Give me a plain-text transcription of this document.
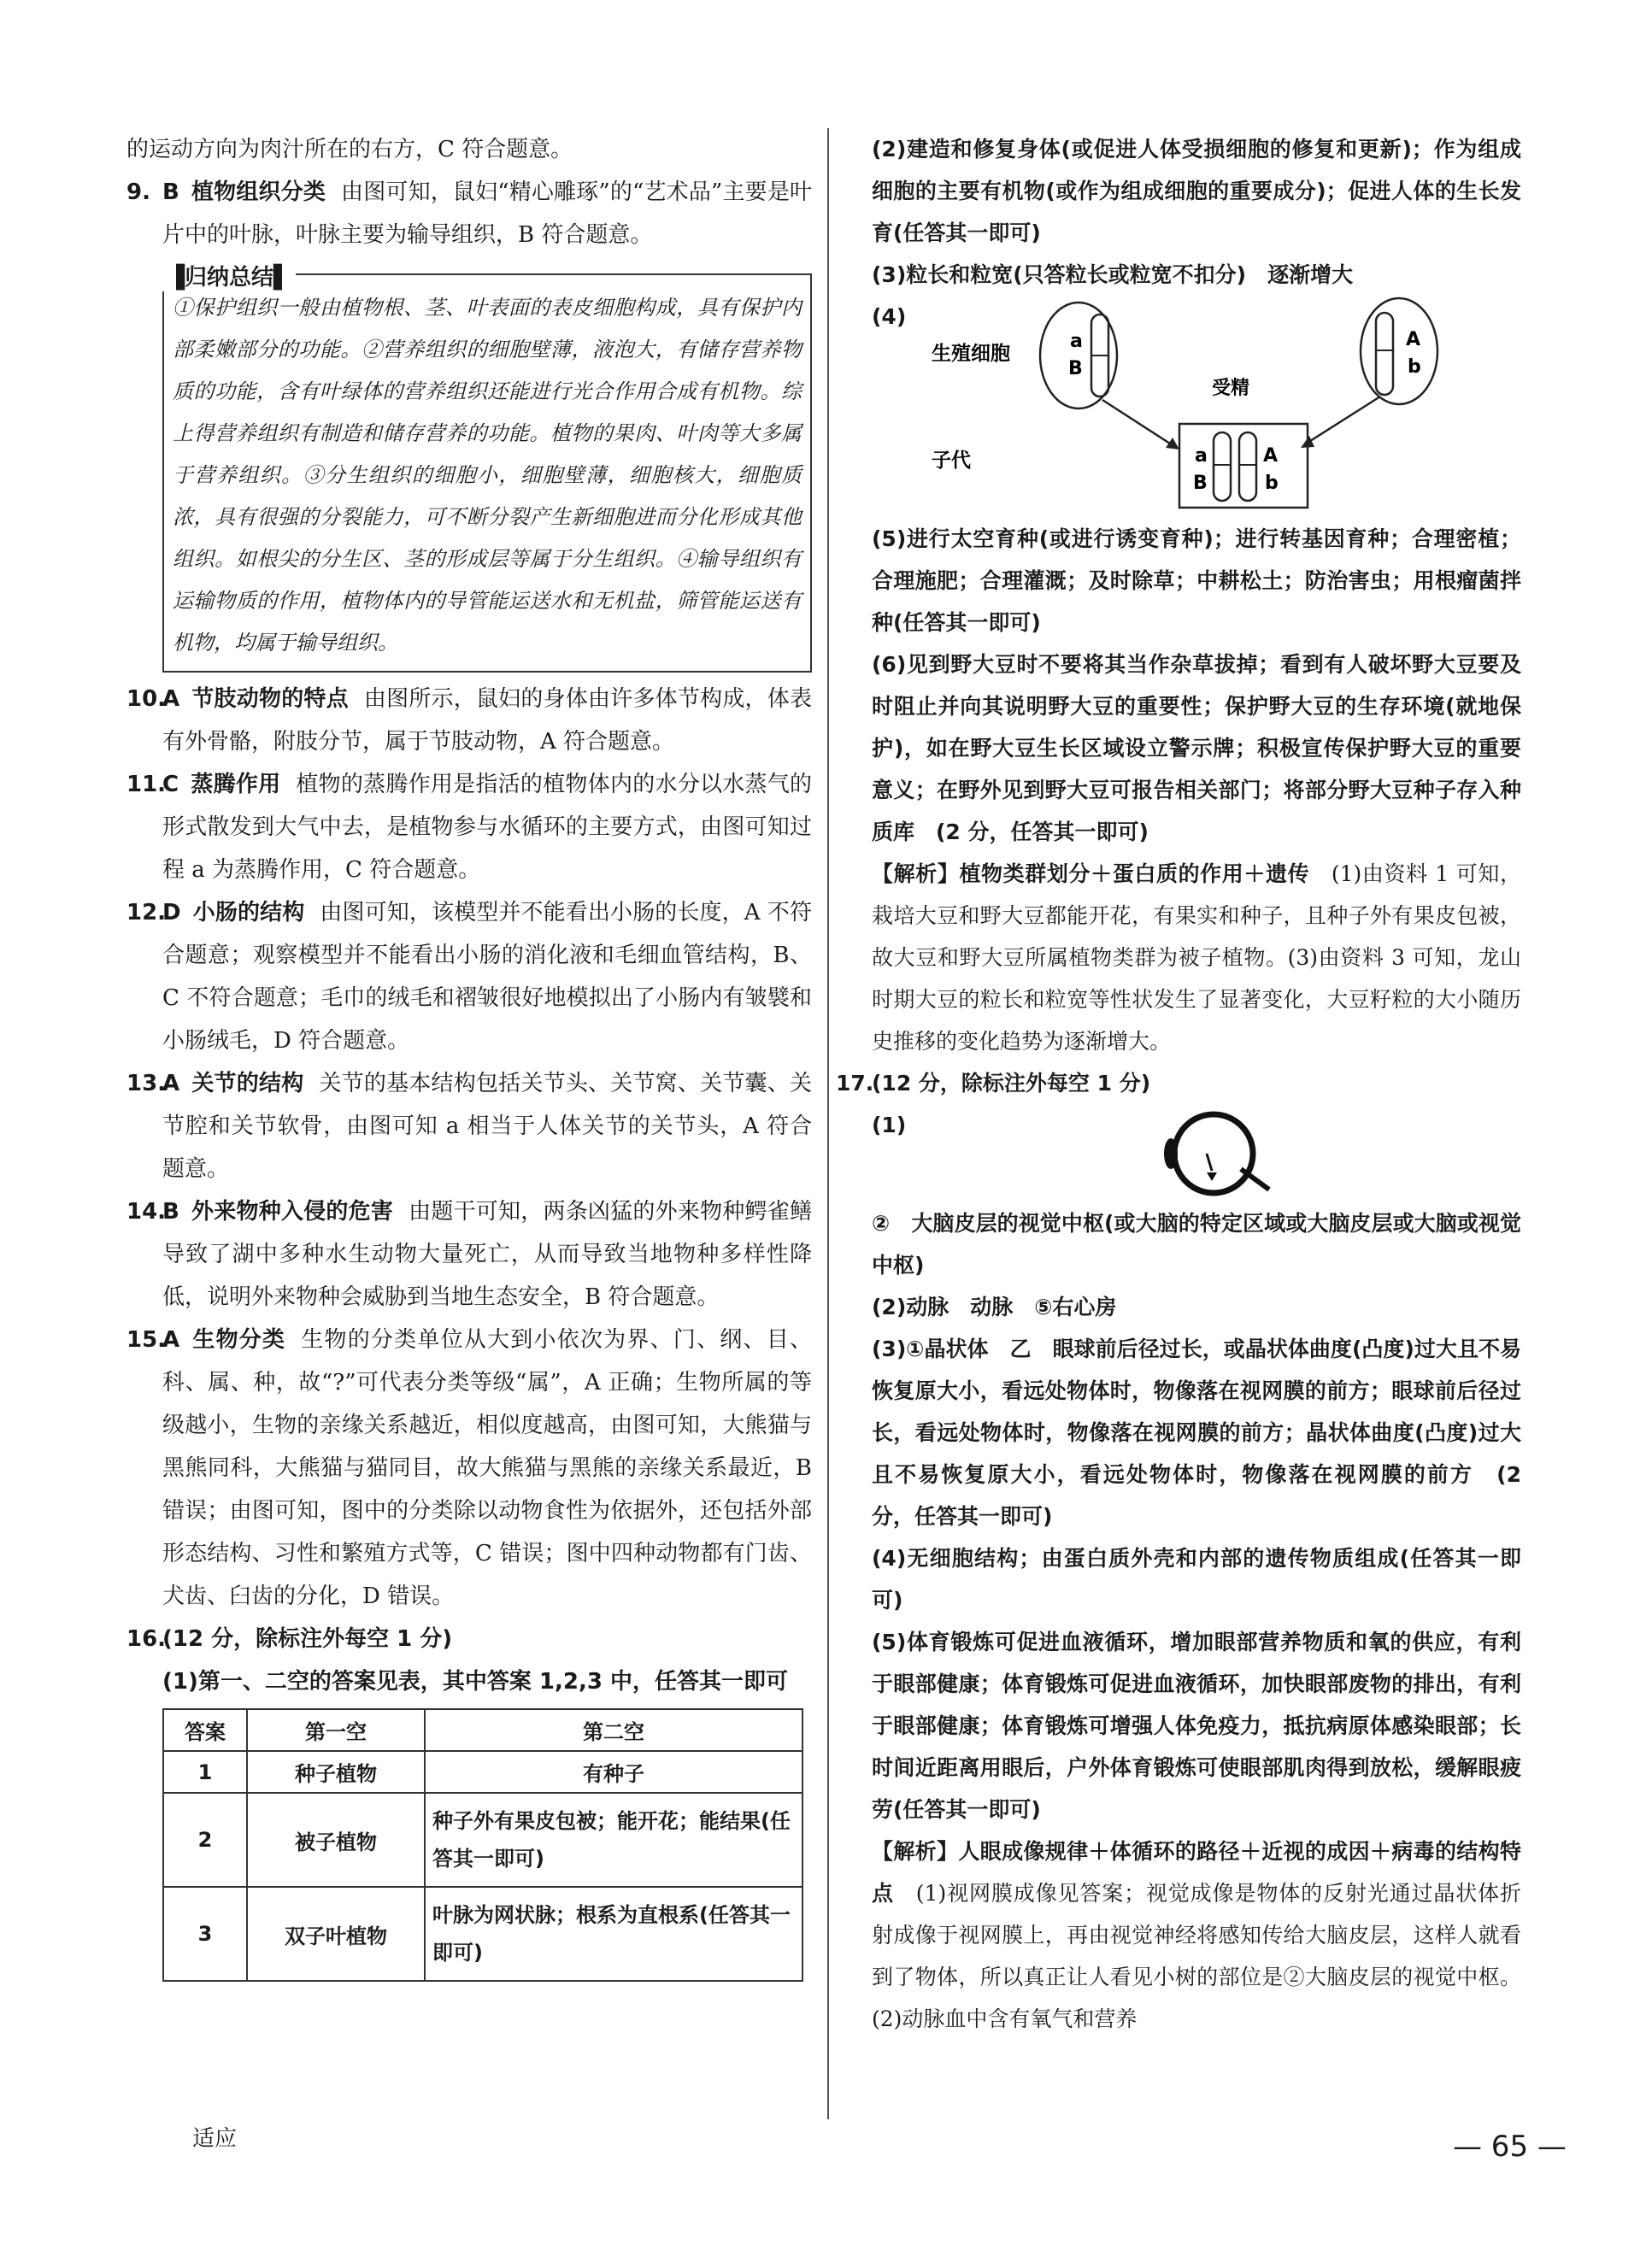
的运动方向为肉汁所在的右方，C 符合题意。

9. B 植物组织分类 由图可知，鼠妇“精心雕琢”的“艺术品”主要是叶片中的叶脉，叶脉主要为输导组织，B 符合题意。

▐归纳总结▌

①保护组织一般由植物根、茎、叶表面的表皮细胞构成，具有保护内部柔嫩部分的功能。②营养组织的细胞壁薄，液泡大，有储存营养物质的功能，含有叶绿体的营养组织还能进行光合作用合成有机物。综上得营养组织有制造和储存营养的功能。植物的果肉、叶肉等大多属于营养组织。③分生组织的细胞小，细胞壁薄，细胞核大，细胞质浓，具有很强的分裂能力，可不断分裂产生新细胞进而分化形成其他组织。如根尖的分生区、茎的形成层等属于分生组织。④输导组织有运输物质的作用，植物体内的导管能运送水和无机盐，筛管能运送有机物，均属于输导组织。

10.A 节肢动物的特点 由图所示，鼠妇的身体由许多体节构成，体表有外骨骼，附肢分节，属于节肢动物，A 符合题意。

11.C 蒸腾作用 植物的蒸腾作用是指活的植物体内的水分以水蒸气的形式散发到大气中去，是植物参与水循环的主要方式，由图可知过程 a 为蒸腾作用，C 符合题意。

12.D 小肠的结构 由图可知，该模型并不能看出小肠的长度，A 不符合题意；观察模型并不能看出小肠的消化液和毛细血管结构，B、C 不符合题意；毛巾的绒毛和褶皱很好地模拟出了小肠内有皱襞和小肠绒毛，D 符合题意。

13.A 关节的结构 关节的基本结构包括关节头、关节窝、关节囊、关节腔和关节软骨，由图可知 a 相当于人体关节的关节头，A 符合题意。

14.B 外来物种入侵的危害 由题干可知，两条凶猛的外来物种鳄雀鳝导致了湖中多种水生动物大量死亡，从而导致当地物种多样性降低，说明外来物种会威胁到当地生态安全，B 符合题意。

15.A 生物分类 生物的分类单位从大到小依次为界、门、纲、目、科、属、种，故“?”可代表分类等级“属”，A 正确；生物所属的等级越小，生物的亲缘关系越近，相似度越高，由图可知，大熊猫与黑熊同科，大熊猫与猫同目，故大熊猫与黑熊的亲缘关系最近，B 错误；由图可知，图中的分类除以动物食性为依据外，还包括外部形态结构、习性和繁殖方式等，C 错误；图中四种动物都有门齿、犬齿、臼齿的分化，D 错误。

16.(12 分，除标注外每空 1 分)

(1)第一、二空的答案见表，其中答案 1,2,3 中，任答其一即可

答案	第一空	第二空
1	种子植物	有种子
2	被子植物	种子外有果皮包被；能开花；能结果(任答其一即可)
3	双子叶植物	叶脉为网状脉；根系为直根系(任答其一即可)
适应

(2)建造和修复身体(或促进人体受损细胞的修复和更新)；作为组成细胞的主要有机物(或作为组成细胞的重要成分)；促进人体的生长发育(任答其一即可)

(3)粒长和粒宽(只答粒长或粒宽不扣分)　逐渐增大

(4)
生殖细胞
子代
受精
a
B
A
b
a
B
A
b

(5)进行太空育种(或进行诱变育种)；进行转基因育种；合理密植；合理施肥；合理灌溉；及时除草；中耕松土；防治害虫；用根瘤菌拌种(任答其一即可)

(6)见到野大豆时不要将其当作杂草拔掉；看到有人破坏野大豆要及时阻止并向其说明野大豆的重要性；保护野大豆的生存环境(就地保护)，如在野大豆生长区域设立警示牌；积极宣传保护野大豆的重要意义；在野外见到野大豆可报告相关部门；将部分野大豆种子存入种质库　(2 分，任答其一即可)

【解析】植物类群划分＋蛋白质的作用＋遗传　 (1)由资料 1 可知，栽培大豆和野大豆都能开花，有果实和种子，且种子外有果皮包被，故大豆和野大豆所属植物类群为被子植物。(3)由资料 3 可知，龙山时期大豆的粒长和粒宽等性状发生了显著变化，大豆籽粒的大小随历史推移的变化趋势为逐渐增大。

17.(12 分，除标注外每空 1 分)

(1)

②　大脑皮层的视觉中枢(或大脑的特定区域或大脑皮层或大脑或视觉中枢)

(2)动脉　动脉　⑤右心房

(3)①晶状体　乙　眼球前后径过长，或晶状体曲度(凸度)过大且不易恢复原大小，看远处物体时，物像落在视网膜的前方；眼球前后径过长，看远处物体时，物像落在视网膜的前方；晶状体曲度(凸度)过大且不易恢复原大小，看远处物体时，物像落在视网膜的前方　(2 分，任答其一即可)

(4)无细胞结构；由蛋白质外壳和内部的遗传物质组成(任答其一即可)

(5)体育锻炼可促进血液循环，增加眼部营养物质和氧的供应，有利于眼部健康；体育锻炼可促进血液循环，加快眼部废物的排出，有利于眼部健康；体育锻炼可增强人体免疫力，抵抗病原体感染眼部；长时间近距离用眼后，户外体育锻炼可使眼部肌肉得到放松，缓解眼疲劳(任答其一即可)

【解析】人眼成像规律＋体循环的路径＋近视的成因＋病毒的结构特点　 (1)视网膜成像见答案；视觉成像是物体的反射光通过晶状体折射成像于视网膜上，再由视觉神经将感知传给大脑皮层，这样人就看到了物体，所以真正让人看见小树的部位是②大脑皮层的视觉中枢。(2)动脉血中含有氧气和营养

— 65 —
